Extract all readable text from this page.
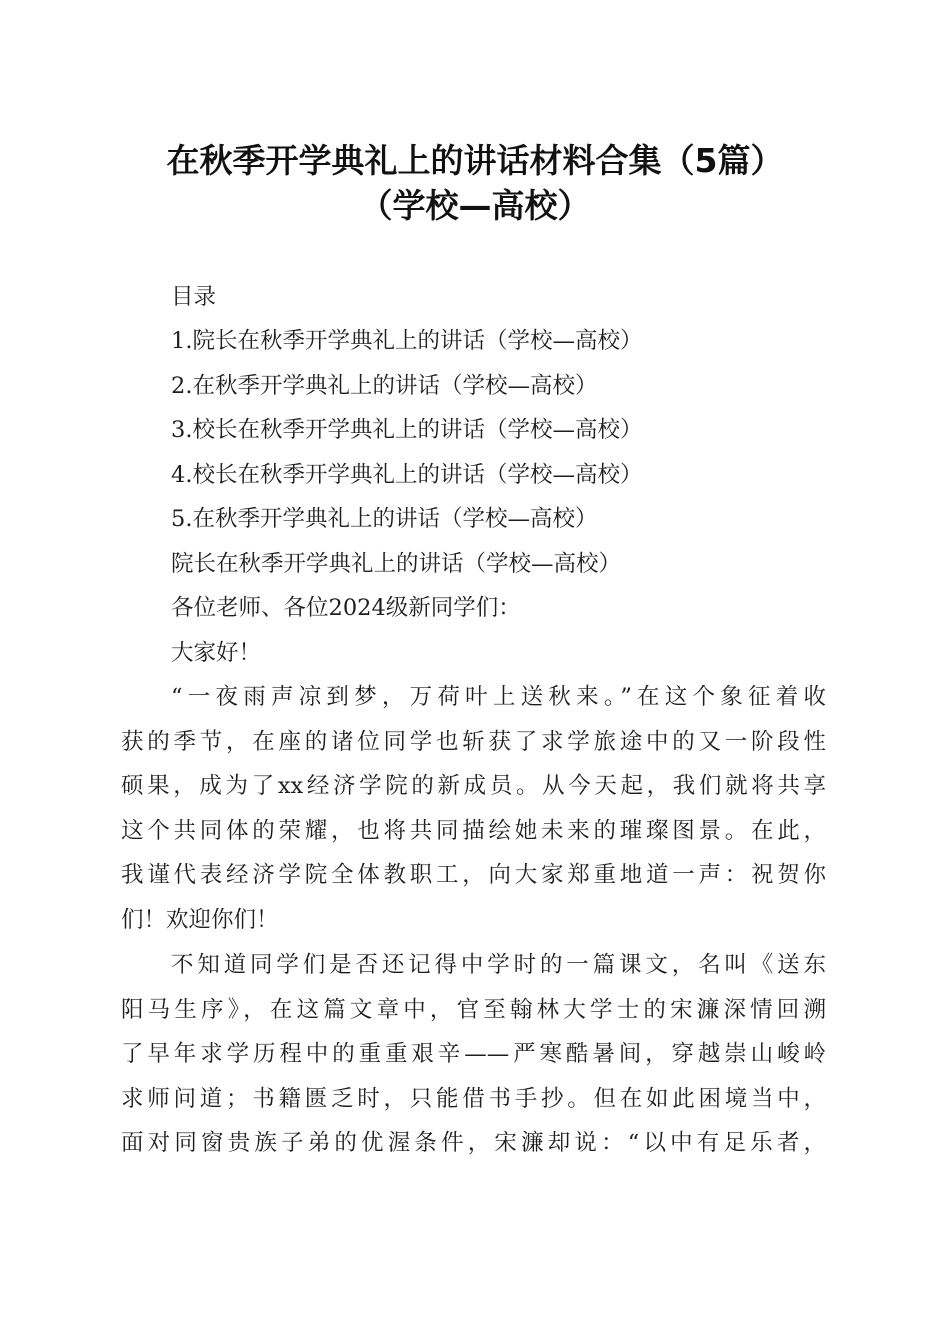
在秋季开学典礼上的讲话材料合集（5篇）
（学校—高校）
目录
1.院长在秋季开学典礼上的讲话（学校—高校）
2.在秋季开学典礼上的讲话（学校—高校）
3.校长在秋季开学典礼上的讲话（学校—高校）
4.校长在秋季开学典礼上的讲话（学校—高校）
5.在秋季开学典礼上的讲话（学校—高校）
院长在秋季开学典礼上的讲话（学校—高校）
各位老师、各位2024级新同学们：
大家好！
“一夜雨声凉到梦，万荷叶上送秋来。”在这个象征着收
获的季节，在座的诸位同学也斩获了求学旅途中的又一阶段性
硕果，成为了xx经济学院的新成员。从今天起，我们就将共享
这个共同体的荣耀，也将共同描绘她未来的璀璨图景。在此，
我谨代表经济学院全体教职工，向大家郑重地道一声：祝贺你
们！欢迎你们！
不知道同学们是否还记得中学时的一篇课文，名叫《送东
阳马生序》，在这篇文章中，官至翰林大学士的宋濂深情回溯
了早年求学历程中的重重艰辛——严寒酷暑间，穿越崇山峻岭
求师问道；书籍匮乏时，只能借书手抄。但在如此困境当中，
面对同窗贵族子弟的优渥条件，宋濂却说：“以中有足乐者，
